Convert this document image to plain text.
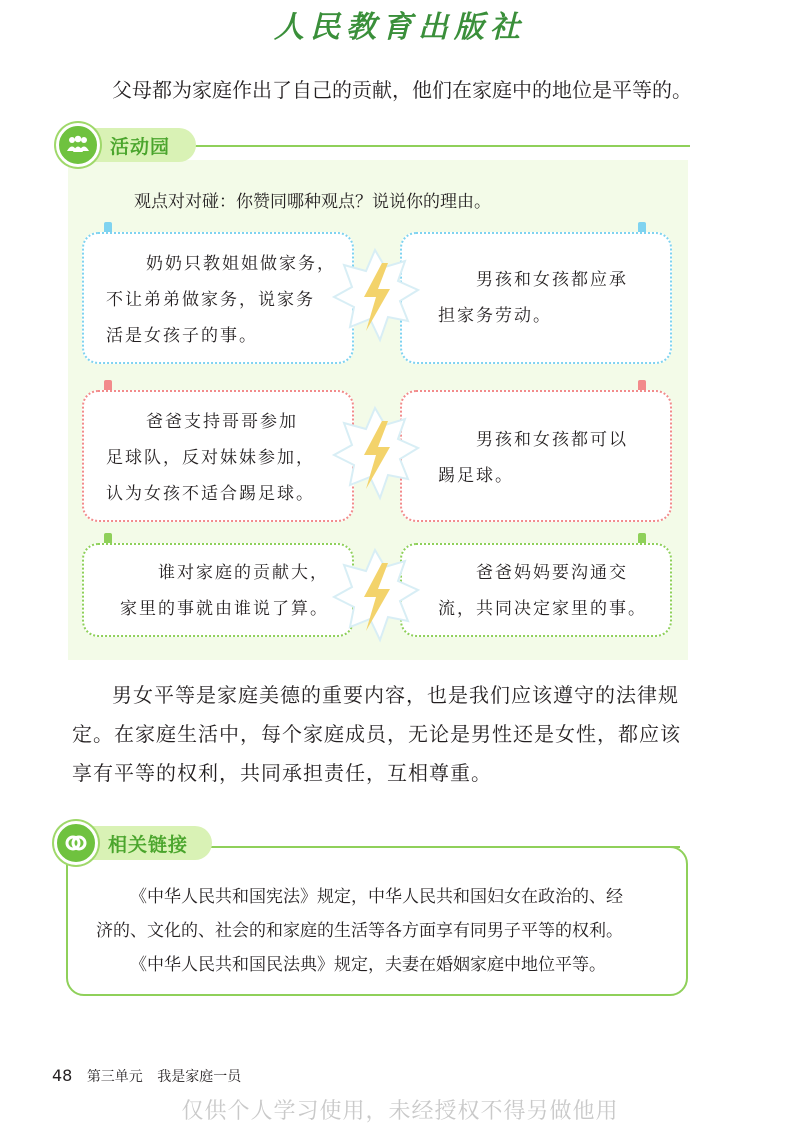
人民教育出版社
父母都为家庭作出了自己的贡献，他们在家庭中的地位是平等的。
活动园
观点对对碰：你赞同哪种观点？说说你的理由。
奶奶只教姐姐做家务，
不让弟弟做家务，说家务
活是女孩子的事。
男孩和女孩都应承
担家务劳动。
爸爸支持哥哥参加
足球队，反对妹妹参加，
认为女孩不适合踢足球。
男孩和女孩都可以
踢足球。
谁对家庭的贡献大，
家里的事就由谁说了算。
爸爸妈妈要沟通交
流，共同决定家里的事。
男女平等是家庭美德的重要内容，也是我们应该遵守的法律规
定。在家庭生活中，每个家庭成员，无论是男性还是女性，都应该
享有平等的权利，共同承担责任，互相尊重。
相关链接
《中华人民共和国宪法》规定，中华人民共和国妇女在政治的、经
济的、文化的、社会的和家庭的生活等各方面享有同男子平等的权利。
《中华人民共和国民法典》规定，夫妻在婚姻家庭中地位平等。
48 第三单元 我是家庭一员
仅供个人学习使用，未经授权不得另做他用
